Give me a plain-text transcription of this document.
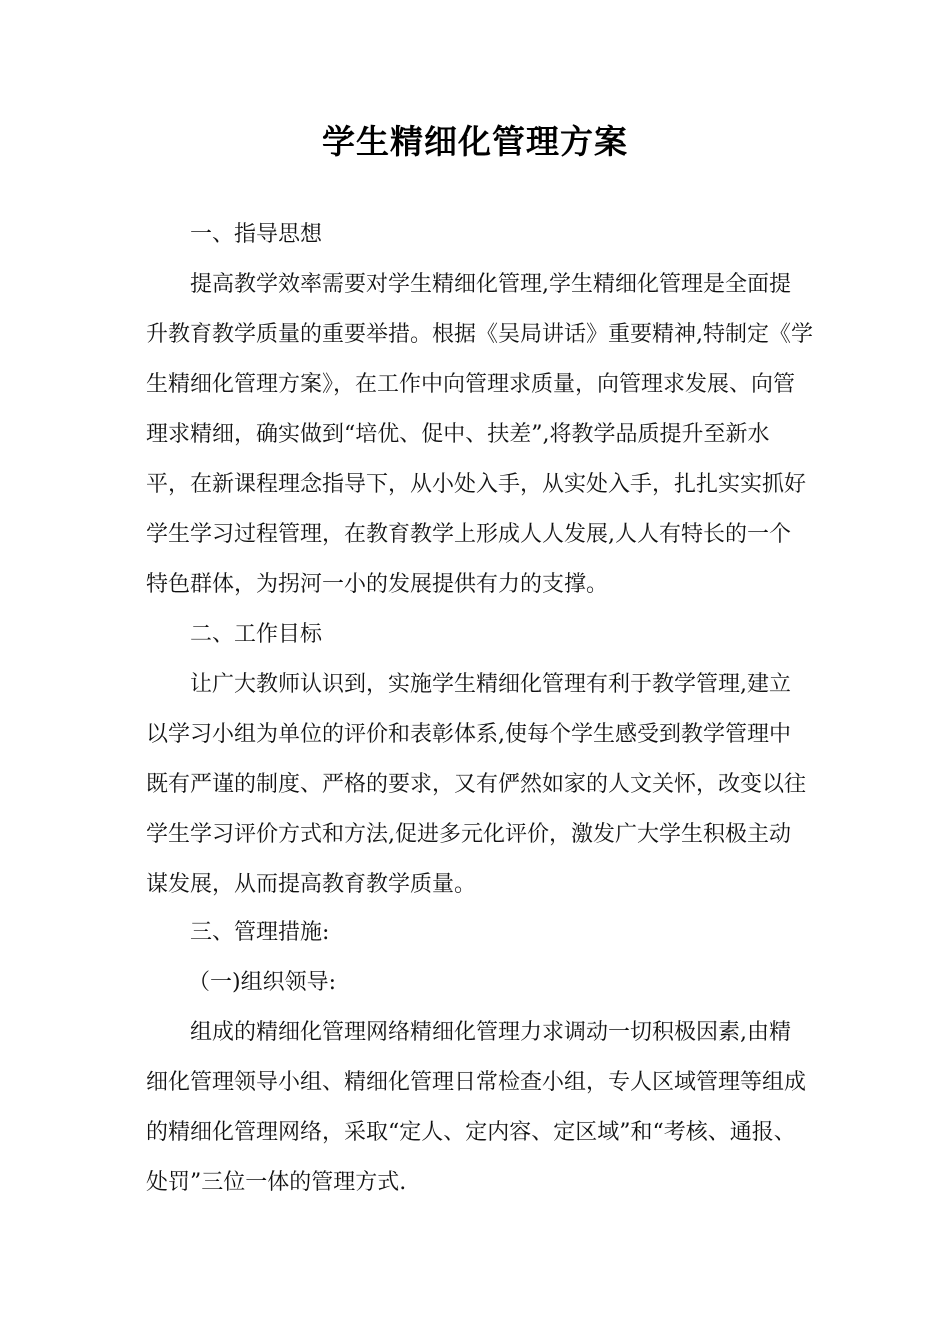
学生精细化管理方案
一、指导思想
提高教学效率需要对学生精细化管理,学生精细化管理是全面提
升教育教学质量的重要举措。根据《吴局讲话》重要精神,特制定《学
生精细化管理方案》，在工作中向管理求质量，向管理求发展、向管
理求精细，确实做到“培优、促中、扶差”,将教学品质提升至新水
平，在新课程理念指导下，从小处入手，从实处入手，扎扎实实抓好
学生学习过程管理，在教育教学上形成人人发展,人人有特长的一个
特色群体，为拐河一小的发展提供有力的支撑。
二、工作目标
让广大教师认识到，实施学生精细化管理有利于教学管理,建立
以学习小组为单位的评价和表彰体系,使每个学生感受到教学管理中
既有严谨的制度、严格的要求，又有俨然如家的人文关怀，改变以往
学生学习评价方式和方法,促进多元化评价，激发广大学生积极主动
谋发展，从而提高教育教学质量。
三、管理措施:
（一)组织领导:
组成的精细化管理网络精细化管理力求调动一切积极因素,由精
细化管理领导小组、精细化管理日常检查小组，专人区域管理等组成
的精细化管理网络，采取“定人、定内容、定区域”和“考核、通报、
处罚”三位一体的管理方式.
